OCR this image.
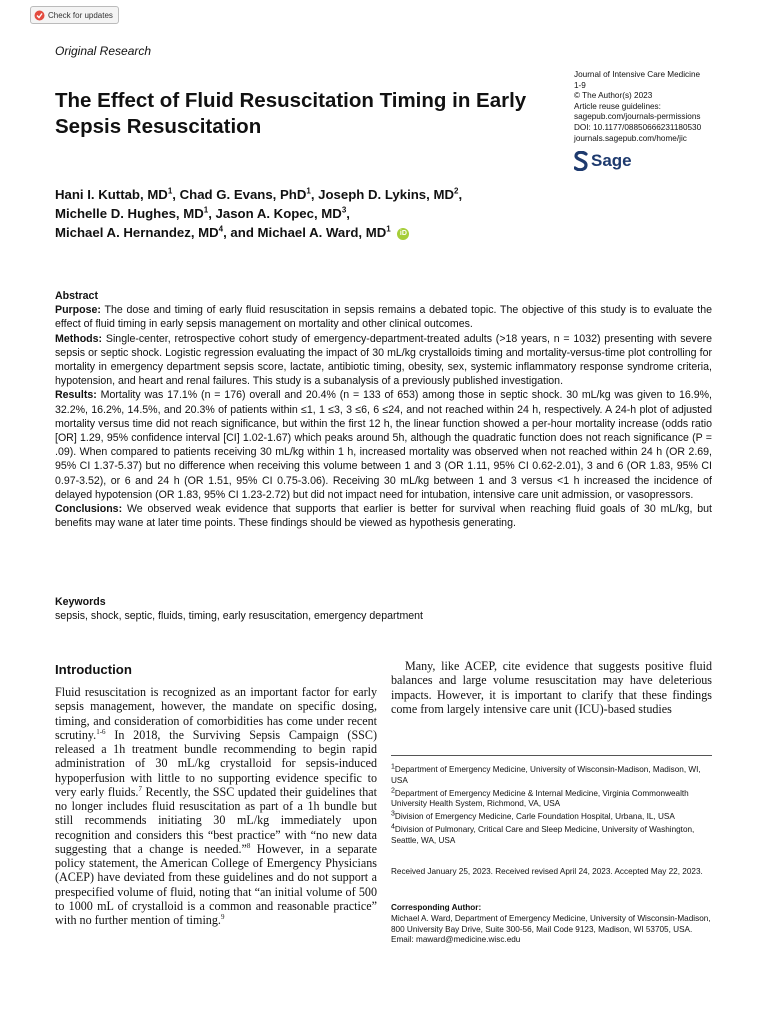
Check for updates
Original Research
The Effect of Fluid Resuscitation Timing in Early Sepsis Resuscitation
Journal of Intensive Care Medicine
1-9
© The Author(s) 2023
Article reuse guidelines:
sagepub.com/journals-permissions
DOI: 10.1177/08850666231180530
journals.sagepub.com/home/jic
Sage
Hani I. Kuttab, $MD^1$, Chad G. Evans, PhD$^1$, Joseph D. Lykins, $MD^2$,
Michelle D. Hughes, $MD^1$, Jason A. Kopec, $MD^3$,
Michael A. Hernandez, $MD^4$, and Michael A. Ward, $MD^1$ iD

Abstract

Purpose: The dose and timing of early fluid resuscitation in sepsis remains a debated topic. The objective of this study is to evaluate the effect of fluid timing in early sepsis management on mortality and other clinical outcomes.

Methods: Single-center, retrospective cohort study of emergency-department-treated adults (>18 years, n = 1032) presenting with severe sepsis or septic shock. Logistic regression evaluating the impact of 30 mL/kg crystalloids timing and mortality-versus-time plot controlling for mortality in emergency department sepsis score, lactate, antibiotic timing, obesity, sex, systemic inflammatory response syndrome criteria, hypotension, and heart and renal failures. This study is a subanalysis of a previously published investigation.

Results: Mortality was 17.1% (n = 176) overall and 20.4% (n = 133 of 653) among those in septic shock. 30 mL/kg was given to 16.9%, 32.2%, 16.2%, 14.5%, and 20.3% of patients within ≤1, 1 ≤3, 3 ≤6, 6 ≤24, and not reached within 24 h, respectively. A 24-h plot of adjusted mortality versus time did not reach significance, but within the first 12 h, the linear function showed a per-hour mortality increase (odds ratio [OR] 1.29, 95% confidence interval [CI] 1.02-1.67) which peaks around 5h, although the quadratic function does not reach significance (P = .09). When compared to patients receiving 30 mL/kg within 1 h, increased mortality was observed when not reached within 24 h (OR 2.69, 95% CI 1.37-5.37) but no difference when receiving this volume between 1 and 3 (OR 1.11, 95% CI 0.62-2.01), 3 and 6 (OR 1.83, 95% CI 0.97-3.52), or 6 and 24 h (OR 1.51, 95% CI 0.75-3.06). Receiving 30 mL/kg between 1 and 3 versus <1 h increased the incidence of delayed hypotension (OR 1.83, 95% CI 1.23-2.72) but did not impact need for intubation, intensive care unit admission, or vasopressors.

Conclusions: We observed weak evidence that supports that earlier is better for survival when reaching fluid goals of 30 mL/kg, but benefits may wane at later time points. These findings should be viewed as hypothesis generating.

Keywords
sepsis, shock, septic, fluids, timing, early resuscitation, emergency department
Introduction

Fluid resuscitation is recognized as an important factor for early sepsis management, however, the mandate on specific dosing, timing, and consideration of comorbidities has come under recent scrutiny.$^{1-6}$ In 2018, the Surviving Sepsis Campaign (SSC) released a 1h treatment bundle recommending to begin rapid administration of 30 mL/kg crystalloid for sepsis-induced hypoperfusion with little to no supporting evidence specific to very early fluids.$^7$ Recently, the SSC updated their guidelines that no longer includes fluid resuscitation as part of a 1h bundle but still recommends initiating 30 mL/kg immediately upon recognition and considers this “best practice” with “no new data suggesting that a change is needed.”$^8$ However, in a separate policy statement, the American College of Emergency Physicians (ACEP) have deviated from these guidelines and do not support a prespecified volume of fluid, noting that “an initial volume of 500 to 1000 mL of crystalloid is a common and reasonable practice” with no further mention of timing.$^9$

Many, like ACEP, cite evidence that suggests positive fluid balances and large volume resuscitation may have deleterious impacts. However, it is important to clarify that these findings come from largely intensive care unit (ICU)-based studies

$^1$Department of Emergency Medicine, University of Wisconsin-Madison, Madison, WI, USA
$^2$Department of Emergency Medicine & Internal Medicine, Virginia Commonwealth University Health System, Richmond, VA, USA
$^3$Division of Emergency Medicine, Carle Foundation Hospital, Urbana, IL, USA
$^4$Division of Pulmonary, Critical Care and Sleep Medicine, University of Washington, Seattle, WA, USA
Received January 25, 2023. Received revised April 24, 2023. Accepted May 22, 2023.
Corresponding Author:
Michael A. Ward, Department of Emergency Medicine, University of Wisconsin-Madison, 800 University Bay Drive, Suite 300-56, Mail Code 9123, Madison, WI 53705, USA.
Email: maward@medicine.wisc.edu
